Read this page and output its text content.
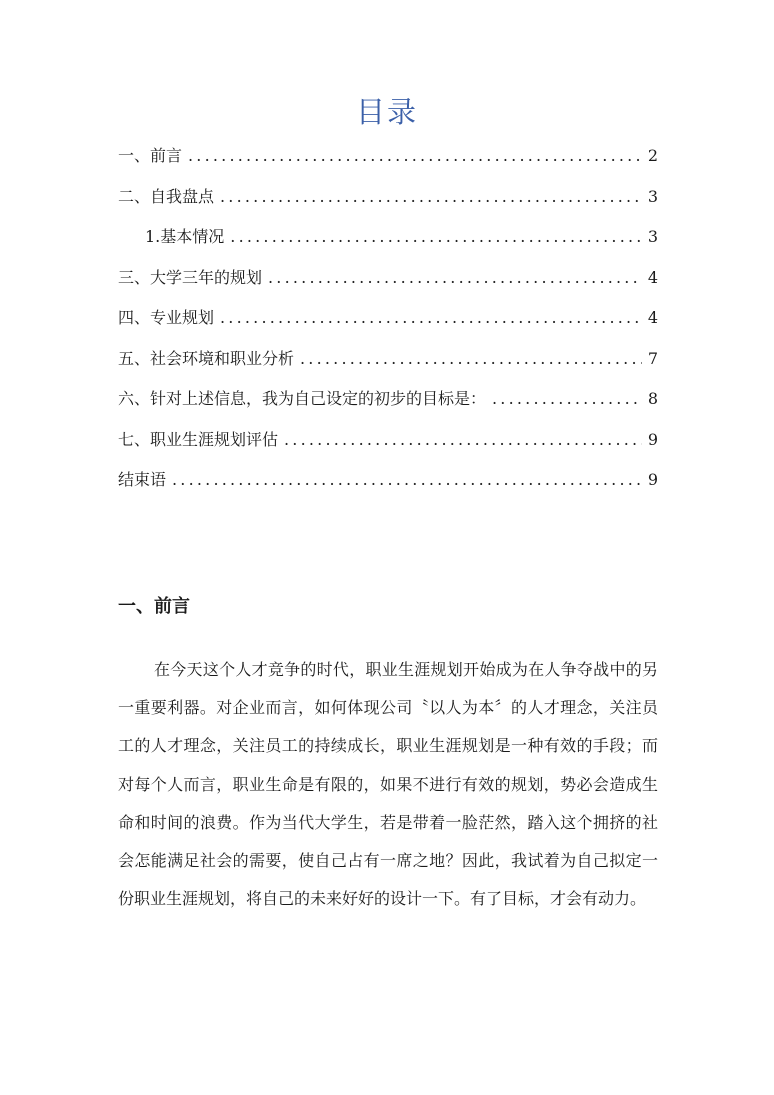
目录
一、前言 .....	2
二、自我盘点 .....	3
1.基本情况 .....	3
三、大学三年的规划 .....	4
四、专业规划 .....	4
五、社会环境和职业分析 .....	7
六、针对上述信息，我为自己设定的初步的目标是： .....	8
七、职业生涯规划评估 .....	9
结束语 .....	9
一、前言

在今天这个人才竞争的时代，职业生涯规划开始成为在人争夺战中的另一重要利器。对企业而言，如何体现公司〝以人为本〞的人才理念，关注员工的人才理念，关注员工的持续成长，职业生涯规划是一种有效的手段；而对每个人而言，职业生命是有限的，如果不进行有效的规划，势必会造成生命和时间的浪费。作为当代大学生，若是带着一脸茫然，踏入这个拥挤的社会怎能满足社会的需要，使自己占有一席之地？因此，我试着为自己拟定一份职业生涯规划，将自己的未来好好的设计一下。有了目标，才会有动力。
